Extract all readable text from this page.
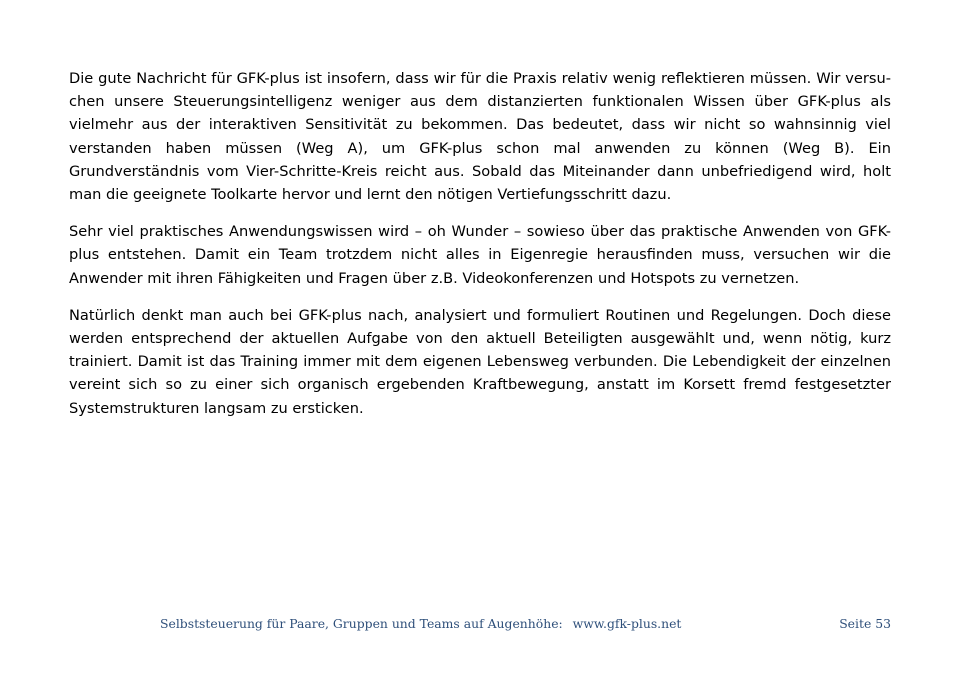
Die gute Nachricht für GFK-plus ist insofern, dass wir für die Praxis relativ wenig reflektieren müssen. Wir versuchen unsere Steuerungsintelligenz weniger aus dem distanzierten funktionalen Wissen über GFK-plus als vielmehr aus der interaktiven Sensitivität zu bekommen. Das bedeutet, dass wir nicht so wahnsinnig viel verstanden haben müssen (Weg A), um GFK-plus schon mal anwenden zu können (Weg B). Ein Grundverständnis vom Vier-Schritte-Kreis reicht aus. Sobald das Miteinander dann unbefriedigend wird, holt man die geeignete Toolkarte hervor und lernt den nötigen Vertiefungsschritt dazu.

Sehr viel praktisches Anwendungswissen wird – oh Wunder – sowieso über das praktische Anwenden von GFK-plus entstehen. Damit ein Team trotzdem nicht alles in Eigenregie herausfinden muss, versuchen wir die Anwender mit ihren Fähigkeiten und Fragen über z.B. Videokonferenzen und Hotspots zu vernetzen.

Natürlich denkt man auch bei GFK-plus nach, analysiert und formuliert Routinen und Regelungen. Doch diese werden entsprechend der aktuellen Aufgabe von den aktuell Beteiligten ausgewählt und, wenn nötig, kurz trainiert. Damit ist das Training immer mit dem eigenen Lebensweg verbunden. Die Lebendigkeit der einzelnen vereint sich so zu einer sich organisch ergebenden Kraftbewegung, anstatt im Korsett fremd festgesetzter Systemstrukturen langsam zu ersticken.

Selbststeuerung für Paare, Gruppen und Teams auf Augenhöhe: www.gfk-plus.net	Seite 53
